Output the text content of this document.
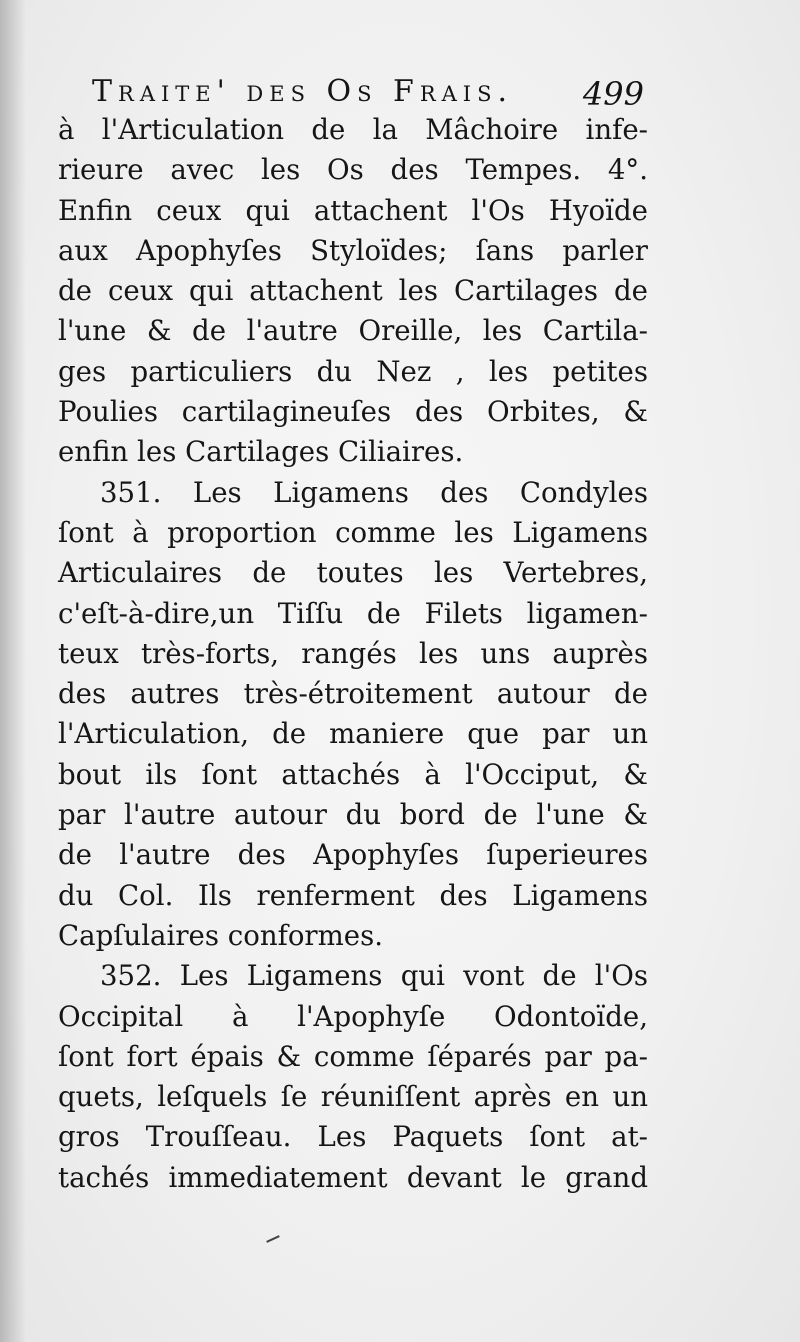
Traite' des Os Frais. 499
à l'Articulation de la Mâchoire infe-
rieure avec les Os des Tempes. 4°.
Enfin ceux qui attachent l'Os Hyoïde
aux Apophyſes Styloïdes; ſans parler
de ceux qui attachent les Cartilages de
l'une & de l'autre Oreille, les Cartila-
ges particuliers du Nez , les petites
Poulies cartilagineuſes des Orbites, &
enfin les Cartilages Ciliaires.
351. Les Ligamens des Condyles
ſont à proportion comme les Ligamens
Articulaires de toutes les Vertebres,
c'eſt-à-dire,un Tiſſu de Filets ligamen-
teux très-forts, rangés les uns auprès
des autres très-étroitement autour de
l'Articulation, de maniere que par un
bout ils ſont attachés à l'Occiput, &
par l'autre autour du bord de l'une &
de l'autre des Apophyſes ſuperieures
du Col. Ils renferment des Ligamens
Capſulaires conformes.
352. Les Ligamens qui vont de l'Os
Occipital à l'Apophyſe Odontoïde,
ſont fort épais & comme ſéparés par pa-
quets, leſquels ſe réuniſſent après en un
gros Trouſſeau. Les Paquets ſont at-
tachés immediatement devant le grand
